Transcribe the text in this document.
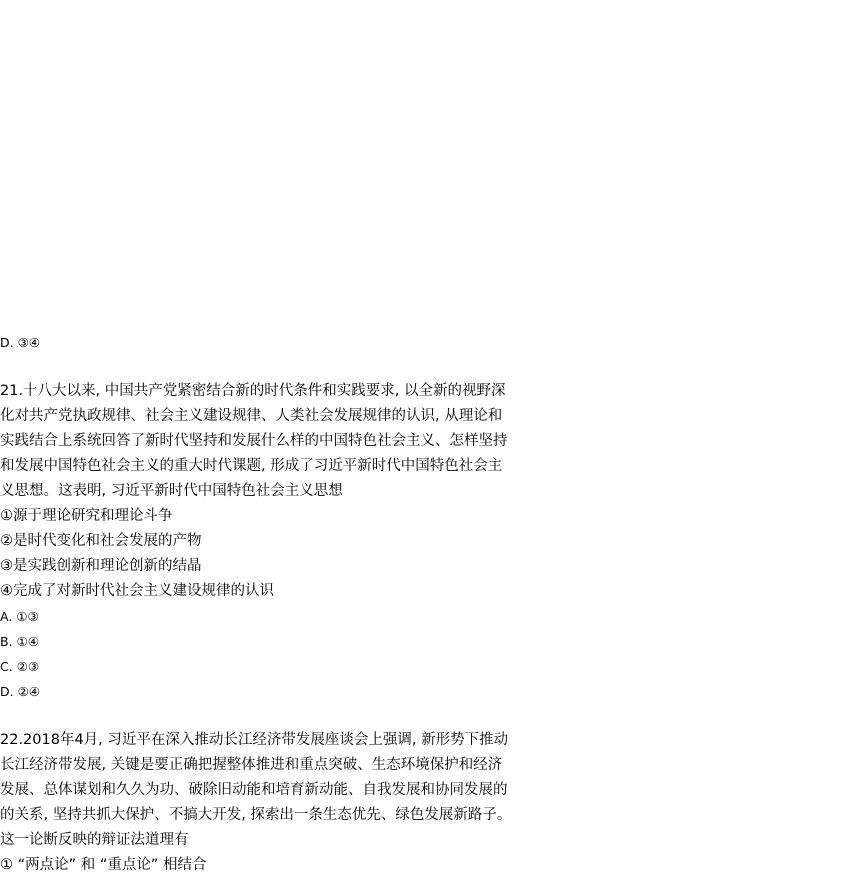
D. ③④
21.十八大以来, 中国共产党紧密结合新的时代条件和实践要求, 以全新的视野深
化对共产党执政规律、社会主义建设规律、人类社会发展规律的认识, 从理论和
实践结合上系统回答了新时代坚持和发展什么样的中国特色社会主义、怎样坚持
和发展中国特色社会主义的重大时代课题, 形成了习近平新时代中国特色社会主
义思想。这表明, 习近平新时代中国特色社会主义思想
①源于理论研究和理论斗争
②是时代变化和社会发展的产物
③是实践创新和理论创新的结晶
④完成了对新时代社会主义建设规律的认识
A. ①③
B. ①④
C. ②③
D. ②④
22.2018年4月, 习近平在深入推动长江经济带发展座谈会上强调, 新形势下推动
长江经济带发展, 关键是要正确把握整体推进和重点突破、生态环境保护和经济
发展、总体谋划和久久为功、破除旧动能和培育新动能、自我发展和协同发展的
的关系, 坚持共抓大保护、不搞大开发, 探索出一条生态优先、绿色发展新路子。
这一论断反映的辩证法道理有
① “两点论” 和 “重点论” 相结合
